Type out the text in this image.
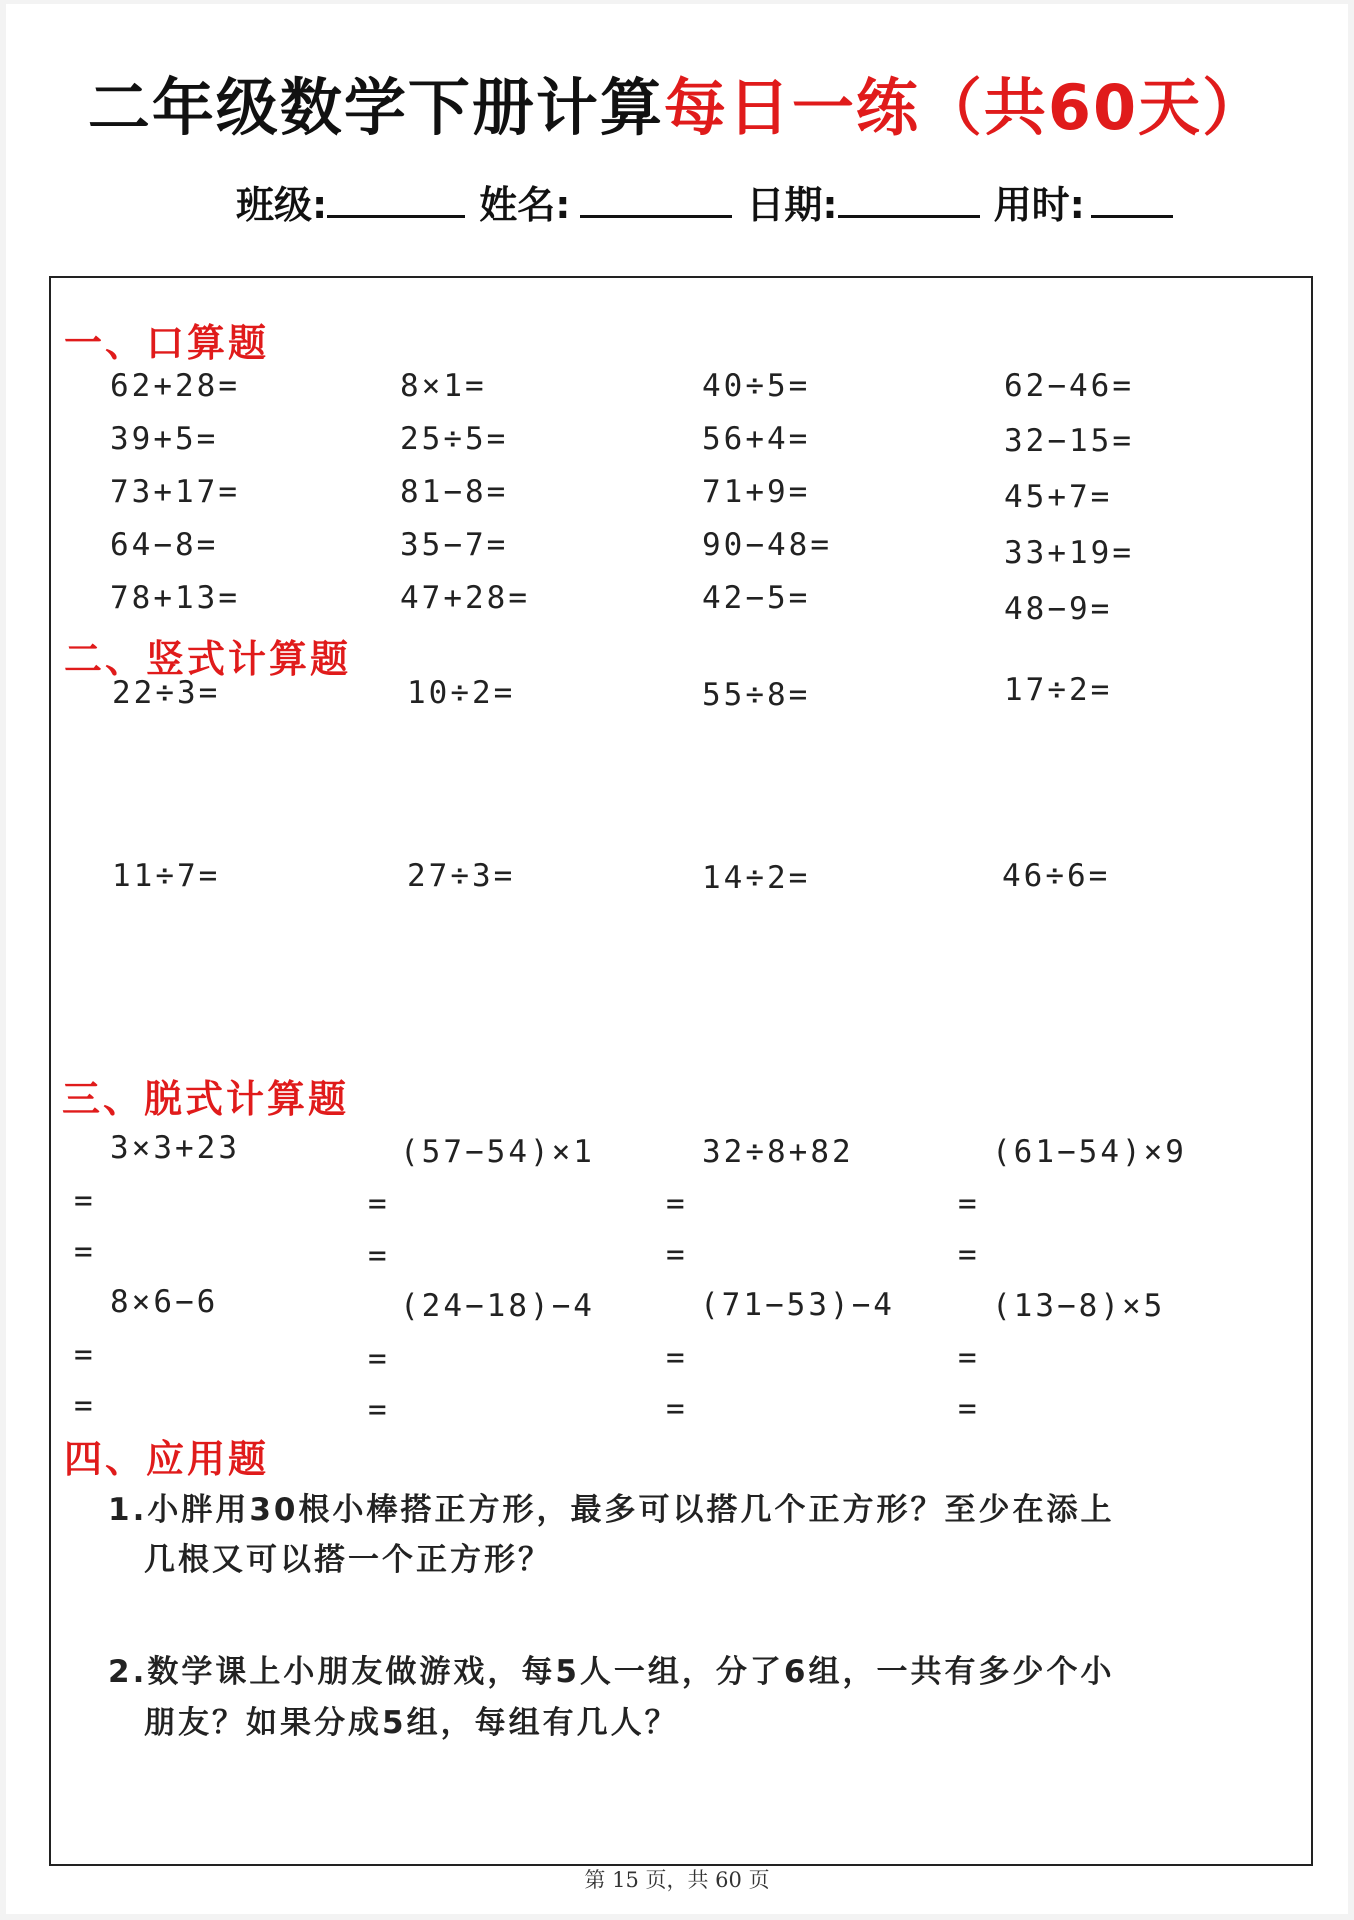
二年级数学下册计算每日一练（共60天）
班级:	姓名:	日期:	用时:
一、口算题
62+28=	8×1=	40÷5=	62−46=
39+5=	25÷5=	56+4=	32−15=
73+17=	81−8=	71+9=	45+7=
64−8=	35−7=	90−48=	33+19=
78+13=	47+28=	42−5=	48−9=
二、竖式计算题
22÷3=	10÷2=	55÷8=	17÷2=
11÷7=	27÷3=	14÷2=	46÷6=
三、脱式计算题
3×3+23	(57−54)×1	32÷8+82	(61−54)×9
=	=	=	=
=	=	=	=
8×6−6	(24−18)−4	(71−53)−4	(13−8)×5
=	=	=	=
=	=	=	=
四、应用题
1.小胖用30根小棒搭正方形，最多可以搭几个正方形？至少在添上
几根又可以搭一个正方形？
2.数学课上小朋友做游戏，每5人一组，分了6组，一共有多少个小
朋友？如果分成5组，每组有几人？
第 15 页，共 60 页
